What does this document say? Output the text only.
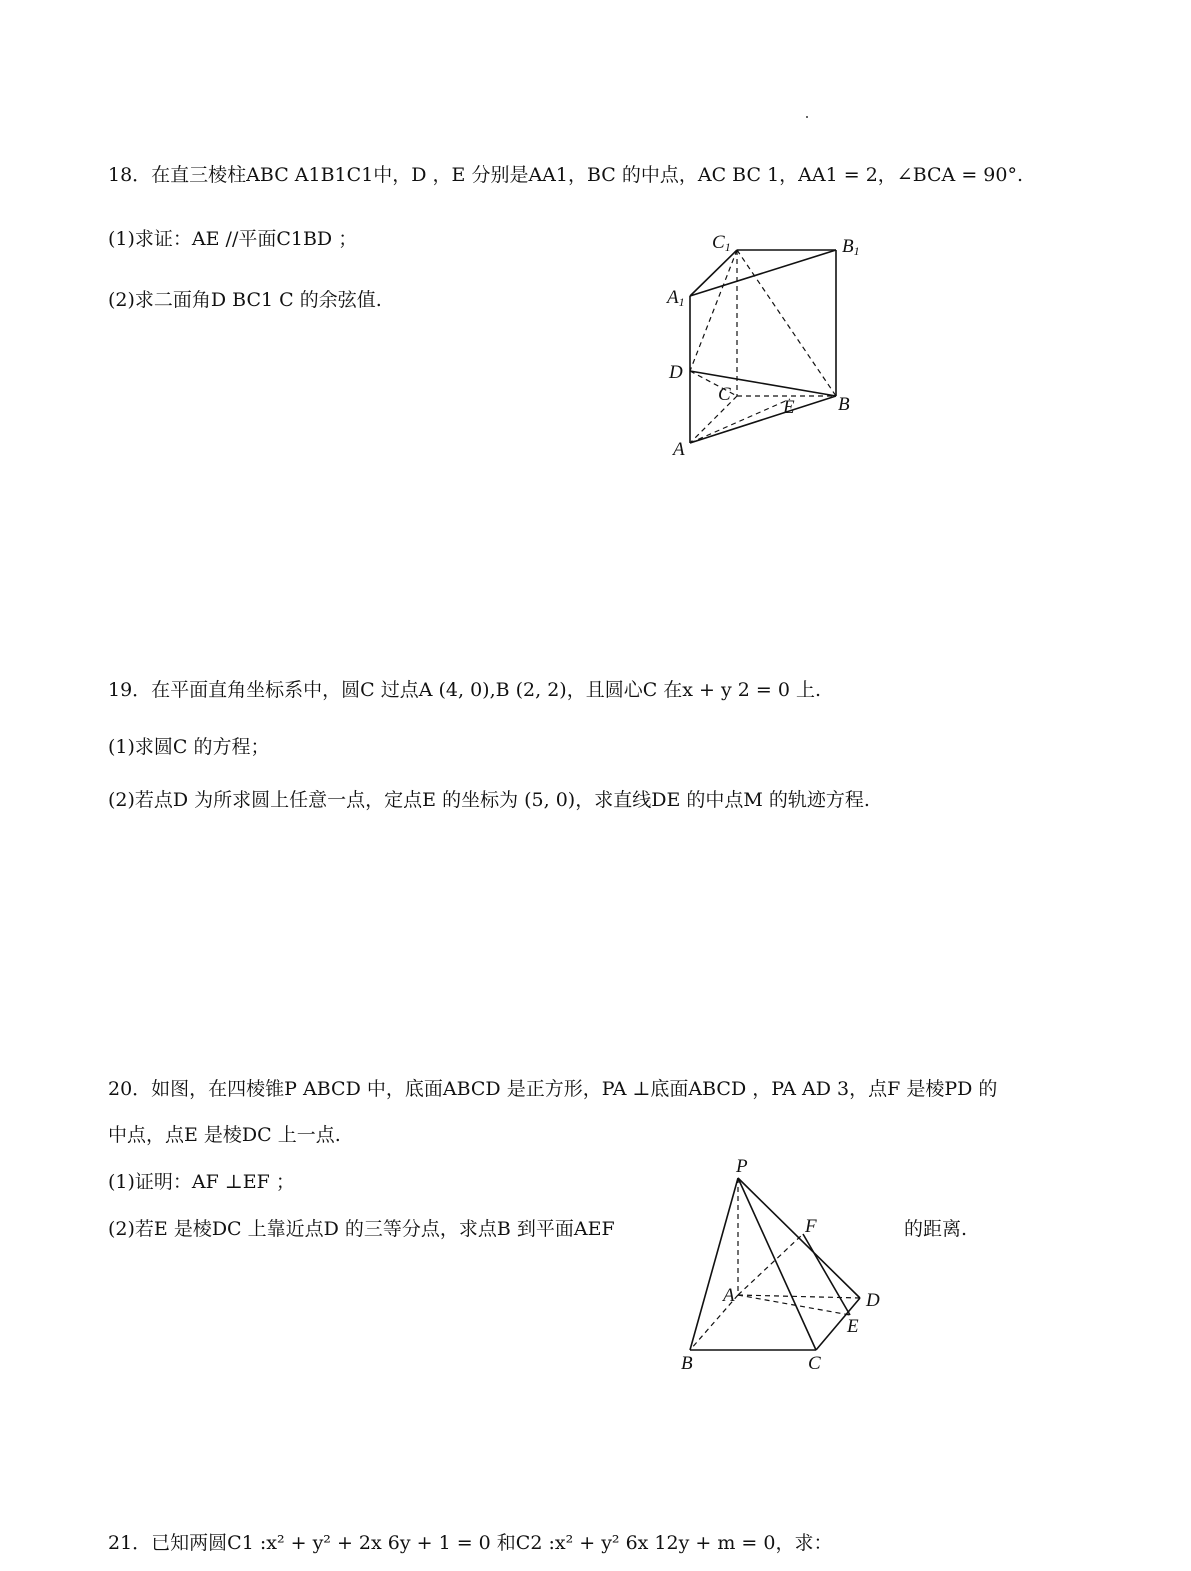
18．在直三棱柱ABC A1B1C1中，D ，E 分别是AA1，BC 的中点，AC BC 1，AA1 = 2，∠BCA = 90°.
(1)求证：AE //平面C1BD ；
(2)求二面角D BC1 C 的余弦值.
C1	B1
A1
D
C
E B
A
19．在平面直角坐标系中，圆C 过点A (4, 0),B (2, 2)，且圆心C 在x + y 2 = 0 上.
(1)求圆C 的方程；
(2)若点D 为所求圆上任意一点，定点E 的坐标为 (5, 0)，求直线DE 的中点M 的轨迹方程.
20．如图，在四棱锥P ABCD 中，底面ABCD 是正方形，PA ⊥底面ABCD ，PA AD 3，点F 是棱PD 的
中点，点E 是棱DC 上一点.
(1)证明：AF ⊥EF ；
(2)若E 是棱DC 上靠近点D 的三等分点，求点B 到平面AEF	的距离.
P
F
A	D
E
B	C
21．已知两圆C1 :x² + y² + 2x 6y + 1 = 0 和C2 :x² + y² 6x 12y + m = 0，求：
